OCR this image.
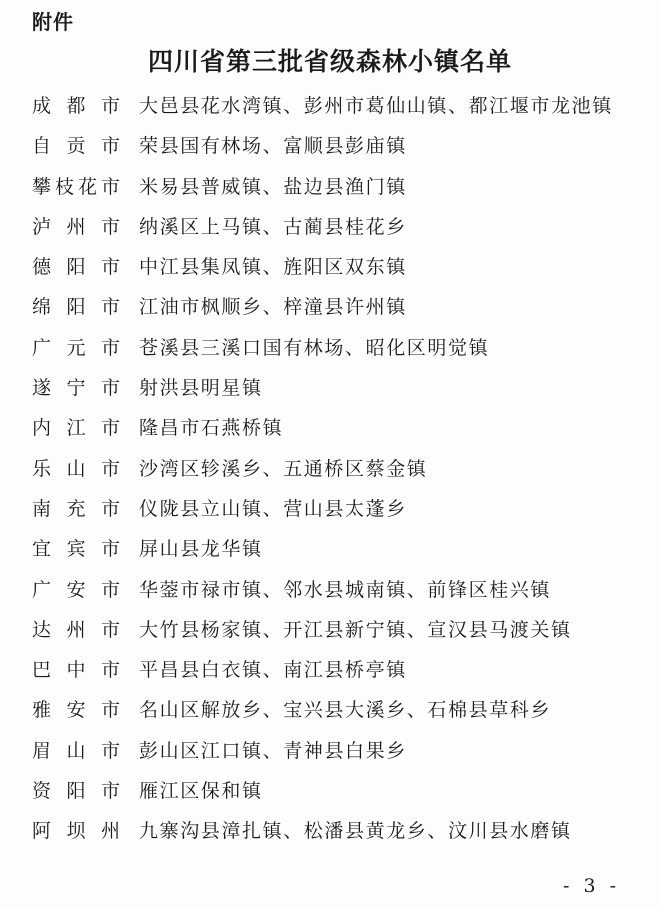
附件
四川省第三批省级森林小镇名单
成都市 大邑县花水湾镇、彭州市葛仙山镇、都江堰市龙池镇
自贡市 荣县国有林场、富顺县彭庙镇
攀枝花市 米易县普威镇、盐边县渔门镇
泸州市 纳溪区上马镇、古蔺县桂花乡
德阳市 中江县集凤镇、旌阳区双东镇
绵阳市 江油市枫顺乡、梓潼县许州镇
广元市 苍溪县三溪口国有林场、昭化区明觉镇
遂宁市 射洪县明星镇
内江市 隆昌市石燕桥镇
乐山市 沙湾区轸溪乡、五通桥区蔡金镇
南充市 仪陇县立山镇、营山县太蓬乡
宜宾市 屏山县龙华镇
广安市 华蓥市禄市镇、邻水县城南镇、前锋区桂兴镇
达州市 大竹县杨家镇、开江县新宁镇、宣汉县马渡关镇
巴中市 平昌县白衣镇、南江县桥亭镇
雅安市 名山区解放乡、宝兴县大溪乡、石棉县草科乡
眉山市 彭山区江口镇、青神县白果乡
资阳市 雁江区保和镇
阿坝州 九寨沟县漳扎镇、松潘县黄龙乡、汶川县水磨镇
- 3 -
